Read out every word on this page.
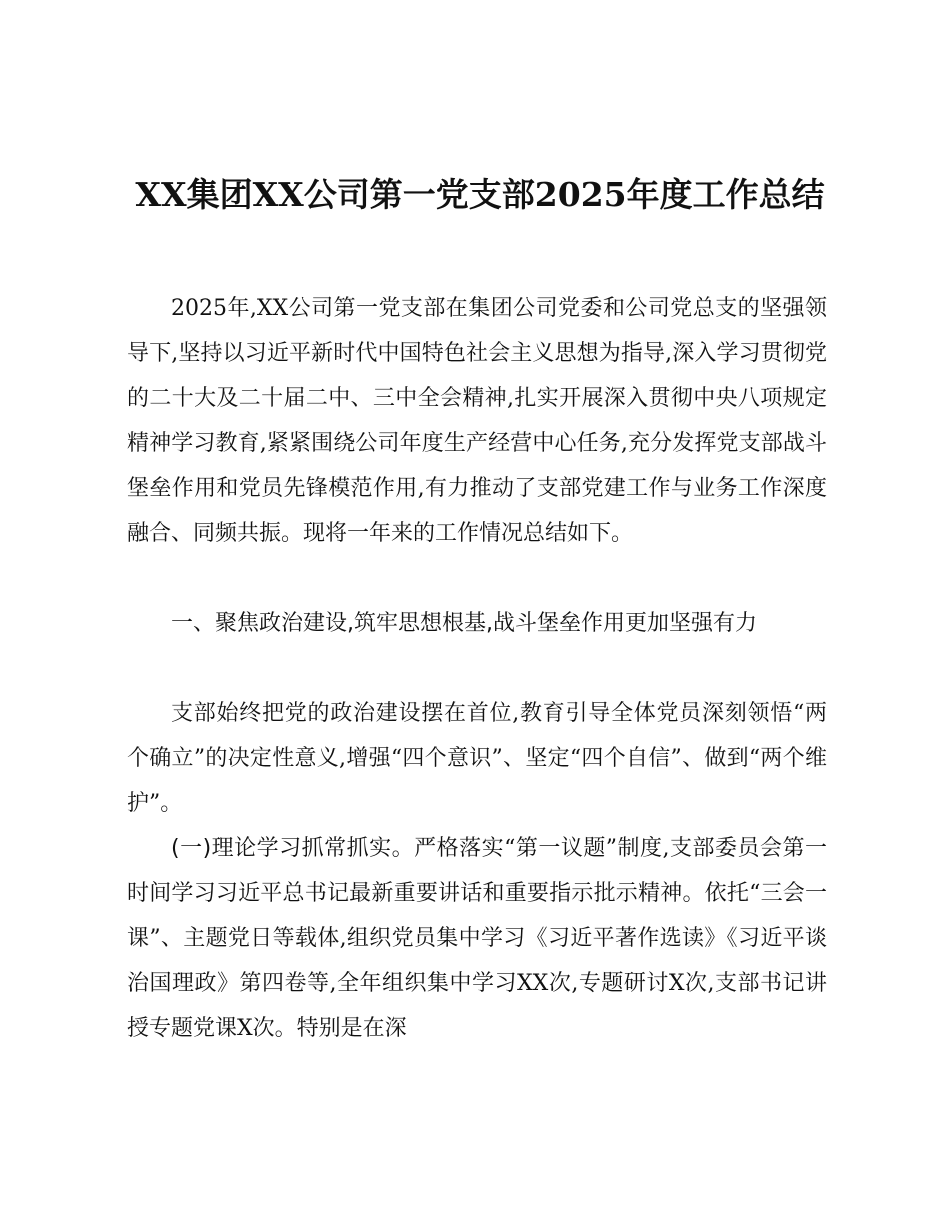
XX集团XX公司第一党支部2025年度工作总结

2025年,XX公司第一党支部在集团公司党委和公司党总支的坚强领导下,坚持以习近平新时代中国特色社会主义思想为指导,深入学习贯彻党的二十大及二十届二中、三中全会精神,扎实开展深入贯彻中央八项规定精神学习教育,紧紧围绕公司年度生产经营中心任务,充分发挥党支部战斗堡垒作用和党员先锋模范作用,有力推动了支部党建工作与业务工作深度融合、同频共振。现将一年来的工作情况总结如下。

一、聚焦政治建设,筑牢思想根基,战斗堡垒作用更加坚强有力

支部始终把党的政治建设摆在首位,教育引导全体党员深刻领悟“两个确立”的决定性意义,增强“四个意识”、坚定“四个自信”、做到“两个维护”。

(一)理论学习抓常抓实。严格落实“第一议题”制度,支部委员会第一时间学习习近平总书记最新重要讲话和重要指示批示精神。依托“三会一课”、主题党日等载体,组织党员集中学习《习近平著作选读》《习近平谈治国理政》第四卷等,全年组织集中学习XX次,专题研讨X次,支部书记讲授专题党课X次。特别是在深
